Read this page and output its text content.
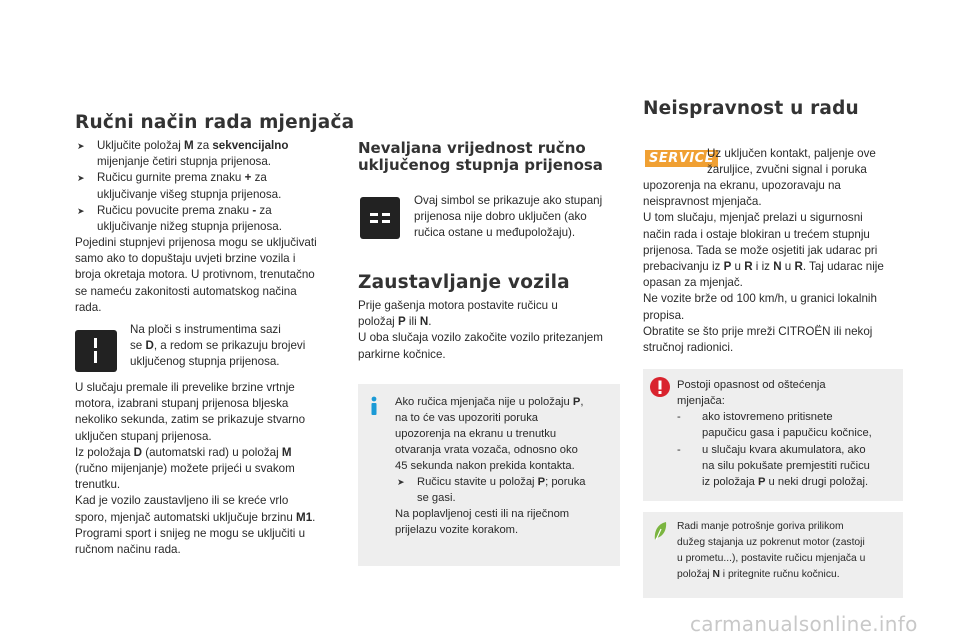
Ručni način rada mjenjača
➤	Uključite položaj M za sekvencijalno
mijenjanje četiri stupnja prijenosa.
➤	Ručicu gurnite prema znaku + za
uključivanje višeg stupnja prijenosa.
➤	Ručicu povucite prema znaku - za
uključivanje nižeg stupnja prijenosa.

Pojedini stupnjevi prijenosa mogu se uključivati
samo ako to dopuštaju uvjeti brzine vozila i
broja okretaja motora. U protivnom, trenutačno
se nameću zakonitosti automatskog načina
rada.

Na ploči s instrumentima sazi
se D, a redom se prikazuju brojevi
uključenog stupnja prijenosa.

U slučaju premale ili prevelike brzine vrtnje
motora, izabrani stupanj prijenosa bljeska
nekoliko sekunda, zatim se prikazuje stvarno
uključen stupanj prijenosa.
Iz položaja D (automatski rad) u položaj M
(ručno mijenjanje) možete prijeći u svakom
trenutku.
Kad je vozilo zaustavljeno ili se kreće vrlo
sporo, mjenjač automatski uključuje brzinu M1.
Programi sport i snijeg ne mogu se uključiti u
ručnom načinu rada.

Nevaljana vrijednost ručno
uključenog stupnja prijenosa

Ovaj simbol se prikazuje ako stupanj
prijenosa nije dobro uključen (ako
ručica ostane u međupoložaju).

Zaustavljanje vozila

Prije gašenja motora postavite ručicu u
položaj P ili N.
U oba slučaja vozilo zakočite vozilo pritezanjem
parkirne kočnice.

Ako ručica mjenjača nije u položaju P,
na to će vas upozoriti poruka
upozorenja na ekranu u trenutku
otvaranja vrata vozača, odnosno oko
45 sekunda nakon prekida kontakta.

➤	Ručicu stavite u položaj P; poruka
se gasi.

Na poplavljenoj cesti ili na riječnom
prijelazu vozite korakom.

Neispravnost u radu
SERVICE

Uz uključen kontakt, paljenje ove
žaruljice, zvučni signal i poruka

upozorenja na ekranu, upozoravaju na
neispravnost mjenjača.
U tom slučaju, mjenjač prelazi u sigurnosni
način rada i ostaje blokiran u trećem stupnju
prijenosa. Tada se može osjetiti jak udarac pri
prebacivanju iz P u R i iz N u R. Taj udarac nije
opasan za mjenjač.
Ne vozite brže od 100 km/h, u granici lokalnih
propisa.
Obratite se što prije mreži CITROËN ili nekoj
stručnoj radionici.

Postoji opasnost od oštećenja
mjenjača:

-	ako istovremeno pritisnete
papučicu gasa i papučicu kočnice,
-	u slučaju kvara akumulatora, ako
na silu pokušate premjestiti ručicu
iz položaja P u neki drugi položaj.

Radi manje potrošnje goriva prilikom
dužeg stajanja uz pokrenut motor (zastoji
u prometu...), postavite ručicu mjenjača u
položaj N i pritegnite ručnu kočnicu.

carmanualsonline.info
